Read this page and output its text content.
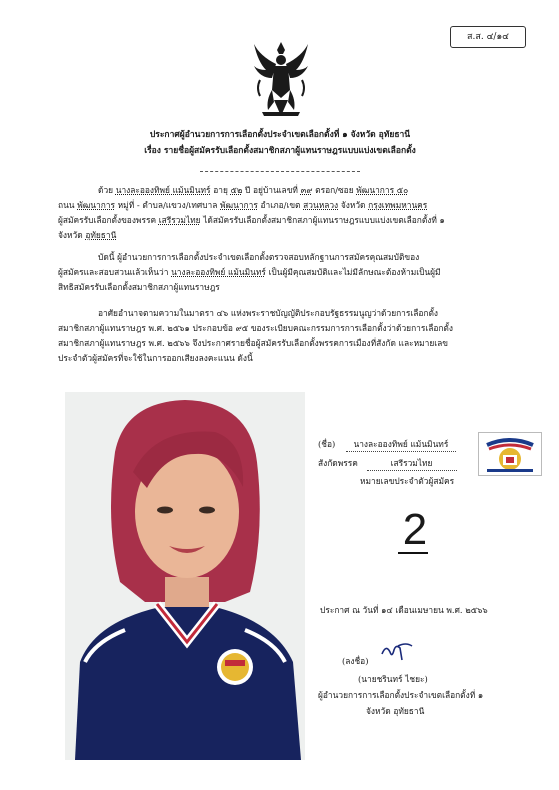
ส.ส. ๔/๑๔
ประกาศผู้อำนวยการการเลือกตั้งประจำเขตเลือกตั้งที่ ๑ จังหวัด อุทัยธานี
เรื่อง รายชื่อผู้สมัครรับเลือกตั้งสมาชิกสภาผู้แทนราษฎรแบบแบ่งเขตเลือกตั้ง
ด้วย นางละอองทิพย์ แม้นมินทร์ อายุ ๕๒ ปี อยู่บ้านเลขที่ ๓๙ ตรอก/ซอย พัฒนาการ ๕๐
ถนน พัฒนาการ หมู่ที่ - ตำบล/แขวง/เทศบาล พัฒนาการ อำเภอ/เขต สวนหลวง จังหวัด กรุงเทพมหานคร
ผู้สมัครรับเลือกตั้งของพรรค เสรีรวมไทย ได้สมัครรับเลือกตั้งสมาชิกสภาผู้แทนราษฎรแบบแบ่งเขตเลือกตั้งที่ ๑
จังหวัด อุทัยธานี
บัดนี้ ผู้อำนวยการการเลือกตั้งประจำเขตเลือกตั้งตรวจสอบหลักฐานการสมัครคุณสมบัติของ
ผู้สมัครและสอบสวนแล้วเห็นว่า นางละอองทิพย์ แม้นมินทร์ เป็นผู้มีคุณสมบัติและไม่มีลักษณะต้องห้ามเป็นผู้มี
สิทธิสมัครรับเลือกตั้งสมาชิกสภาผู้แทนราษฎร
อาศัยอำนาจตามความในมาตรา ๔๖ แห่งพระราชบัญญัติประกอบรัฐธรรมนูญว่าด้วยการเลือกตั้ง
สมาชิกสภาผู้แทนราษฎร พ.ศ. ๒๕๖๑ ประกอบข้อ ๙๕ ของระเบียบคณะกรรมการการเลือกตั้งว่าด้วยการเลือกตั้ง
สมาชิกสภาผู้แทนราษฎร พ.ศ. ๒๕๖๖ จึงประกาศรายชื่อผู้สมัครรับเลือกตั้งพรรคการเมืองที่สังกัด และหมายเลข
ประจำตัวผู้สมัครที่จะใช้ในการออกเสียงลงคะแนน ดังนี้
(ชื่อ) นางละอองทิพย์ แม้นมินทร์
สังกัดพรรค	เสรีรวมไทย
หมายเลขประจำตัวผู้สมัคร
2
ประกาศ ณ วันที่ ๑๔ เดือนเมษายน พ.ศ. ๒๕๖๖
(ลงชื่อ)
(นายชรินทร์ ไชยะ)
ผู้อำนวยการการเลือกตั้งประจำเขตเลือกตั้งที่ ๑
จังหวัด อุทัยธานี
